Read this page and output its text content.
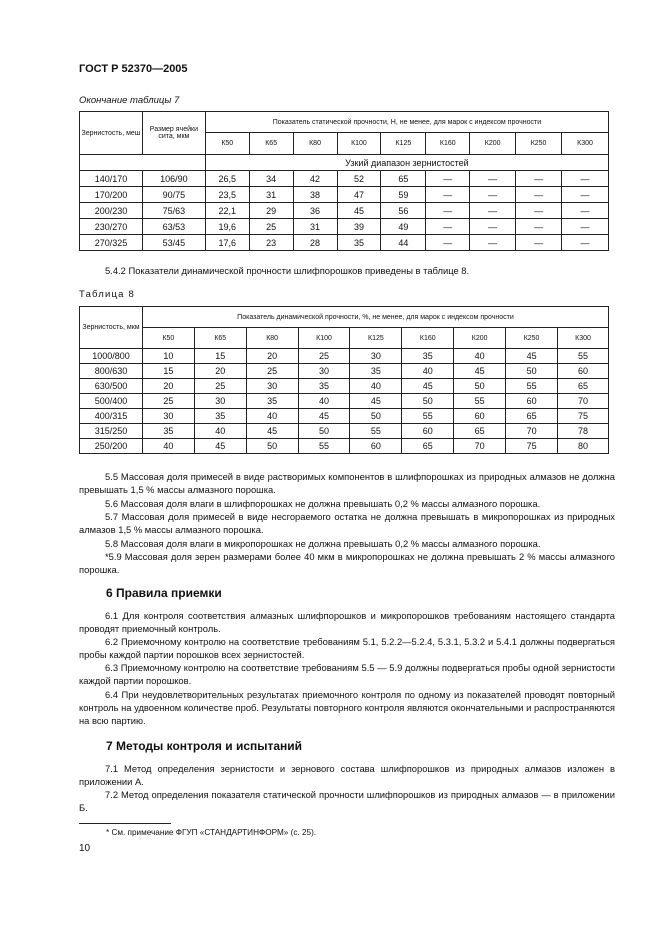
ГОСТ Р 52370—2005
Окончание таблицы 7
Зернистость, меш	Размер ячейки сита, мкм	Показатель статической прочности, Н, не менее, для марок с индексом прочности								
		К50	К65	К80	К100	К125	К160	К200	К250	К300
		Узкий диапазон зернистостей								
140/170	106/90	26,5	34	42	52	65	—	—	—	—
170/200	90/75	23,5	31	38	47	59	—	—	—	—
200/230	75/63	22,1	29	36	45	56	—	—	—	—
230/270	63/53	19,6	25	31	39	49	—	—	—	—
270/325	53/45	17,6	23	28	35	44	—	—	—	—
5.4.2 Показатели динамической прочности шлифпорошков приведены в таблице 8.
Таблица 8
Зернистость, мкм	Показатель динамической прочности, %, не менее, для марок с индексом прочности								
	К50	К65	К80	К100	К125	К160	К200	К250	К300
1000/800	10	15	20	25	30	35	40	45	55
800/630	15	20	25	30	35	40	45	50	60
630/500	20	25	30	35	40	45	50	55	65
500/400	25	30	35	40	45	50	55	60	70
400/315	30	35	40	45	50	55	60	65	75
315/250	35	40	45	50	55	60	65	70	78
250/200	40	45	50	55	60	65	70	75	80
5.5 Массовая доля примесей в виде растворимых компонентов в шлифпорошках из природных алмазов не должна превышать 1,5 % массы алмазного порошка.
5.6 Массовая доля влаги в шлифпорошках не должна превышать 0,2 % массы алмазного порошка.
5.7 Массовая доля примесей в виде несгораемого остатка не должна превышать в микропорошках из природных алмазов 1,5 % массы алмазного порошка.
5.8 Массовая доля влаги в микропорошках не должна превышать 0,2 % массы алмазного порошка.
*5.9 Массовая доля зерен размерами более 40 мкм в микропорошках не должна превышать 2 % массы алмазного порошка.
6 Правила приемки
6.1 Для контроля соответствия алмазных шлифпорошков и микропорошков требованиям настоящего стандарта проводят приемочный контроль.
6.2 Приемочному контролю на соответствие требованиям 5.1, 5.2.2—5.2.4, 5.3.1, 5.3.2 и 5.4.1 должны подвергаться пробы каждой партии порошков всех зернистостей.
6.3 Приемочному контролю на соответствие требованиям 5.5 — 5.9 должны подвергаться пробы одной зернистости каждой партии порошков.
6.4 При неудовлетворительных результатах приемочного контроля по одному из показателей проводят повторный контроль на удвоенном количестве проб. Результаты повторного контроля являются окончательными и распространяются на всю партию.
7 Методы контроля и испытаний
7.1 Метод определения зернистости и зернового состава шлифпорошков из природных алмазов изложен в приложении А.
7.2 Метод определения показателя статической прочности шлифпорошков из природных алмазов — в приложении Б.
* См. примечание ФГУП «СТАНДАРТИНФОРМ» (с. 25).
10
